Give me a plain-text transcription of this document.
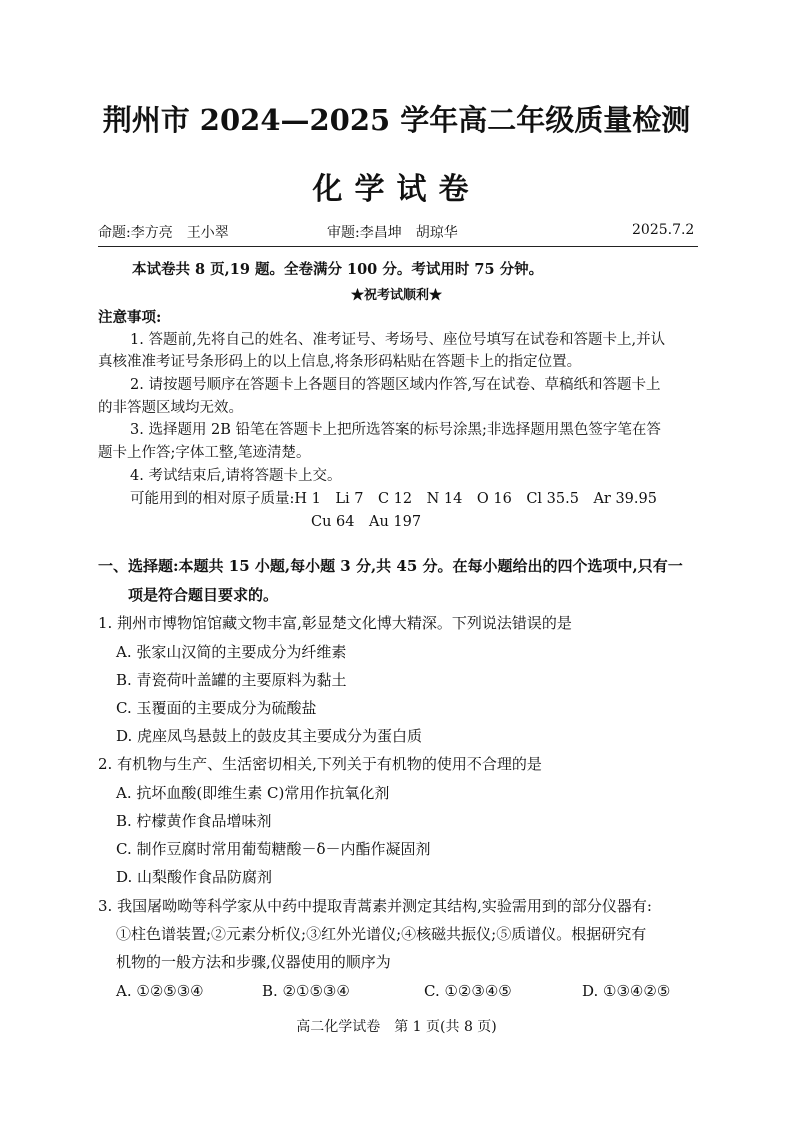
荆州市 2024—2025 学年高二年级质量检测
化学试卷
命题:李方亮　王小翠	审题:李昌坤　胡琼华	2025.7.2
本试卷共 8 页,19 题。全卷满分 100 分。考试用时 75 分钟。
★祝考试顺利★
注意事项:
1. 答题前,先将自己的姓名、准考证号、考场号、座位号填写在试卷和答题卡上,并认
真核准准考证号条形码上的以上信息,将条形码粘贴在答题卡上的指定位置。
2. 请按题号顺序在答题卡上各题目的答题区域内作答,写在试卷、草稿纸和答题卡上
的非答题区域均无效。
3. 选择题用 2B 铅笔在答题卡上把所选答案的标号涂黑;非选择题用黑色签字笔在答
题卡上作答;字体工整,笔迹清楚。
4. 考试结束后,请将答题卡上交。
可能用到的相对原子质量:H 1　Li 7　C 12　N 14　O 16　Cl 35.5　Ar 39.95
Cu 64　Au 197
一、选择题:本题共 15 小题,每小题 3 分,共 45 分。在每小题给出的四个选项中,只有一
项是符合题目要求的。
1. 荆州市博物馆馆藏文物丰富,彰显楚文化博大精深。下列说法错误的是
A. 张家山汉简的主要成分为纤维素
B. 青瓷荷叶盖罐的主要原料为黏土
C. 玉覆面的主要成分为硫酸盐
D. 虎座凤鸟悬鼓上的鼓皮其主要成分为蛋白质
2. 有机物与生产、生活密切相关,下列关于有机物的使用不合理的是
A. 抗坏血酸(即维生素 C)常用作抗氧化剂
B. 柠檬黄作食品增味剂
C. 制作豆腐时常用葡萄糖酸－δ－内酯作凝固剂
D. 山梨酸作食品防腐剂
3. 我国屠呦呦等科学家从中药中提取青蒿素并测定其结构,实验需用到的部分仪器有:
①柱色谱装置;②元素分析仪;③红外光谱仪;④核磁共振仪;⑤质谱仪。根据研究有
机物的一般方法和步骤,仪器使用的顺序为
A. ①②⑤③④	B. ②①⑤③④	C. ①②③④⑤	D. ①③④②⑤
高二化学试卷　第 1 页(共 8 页)
